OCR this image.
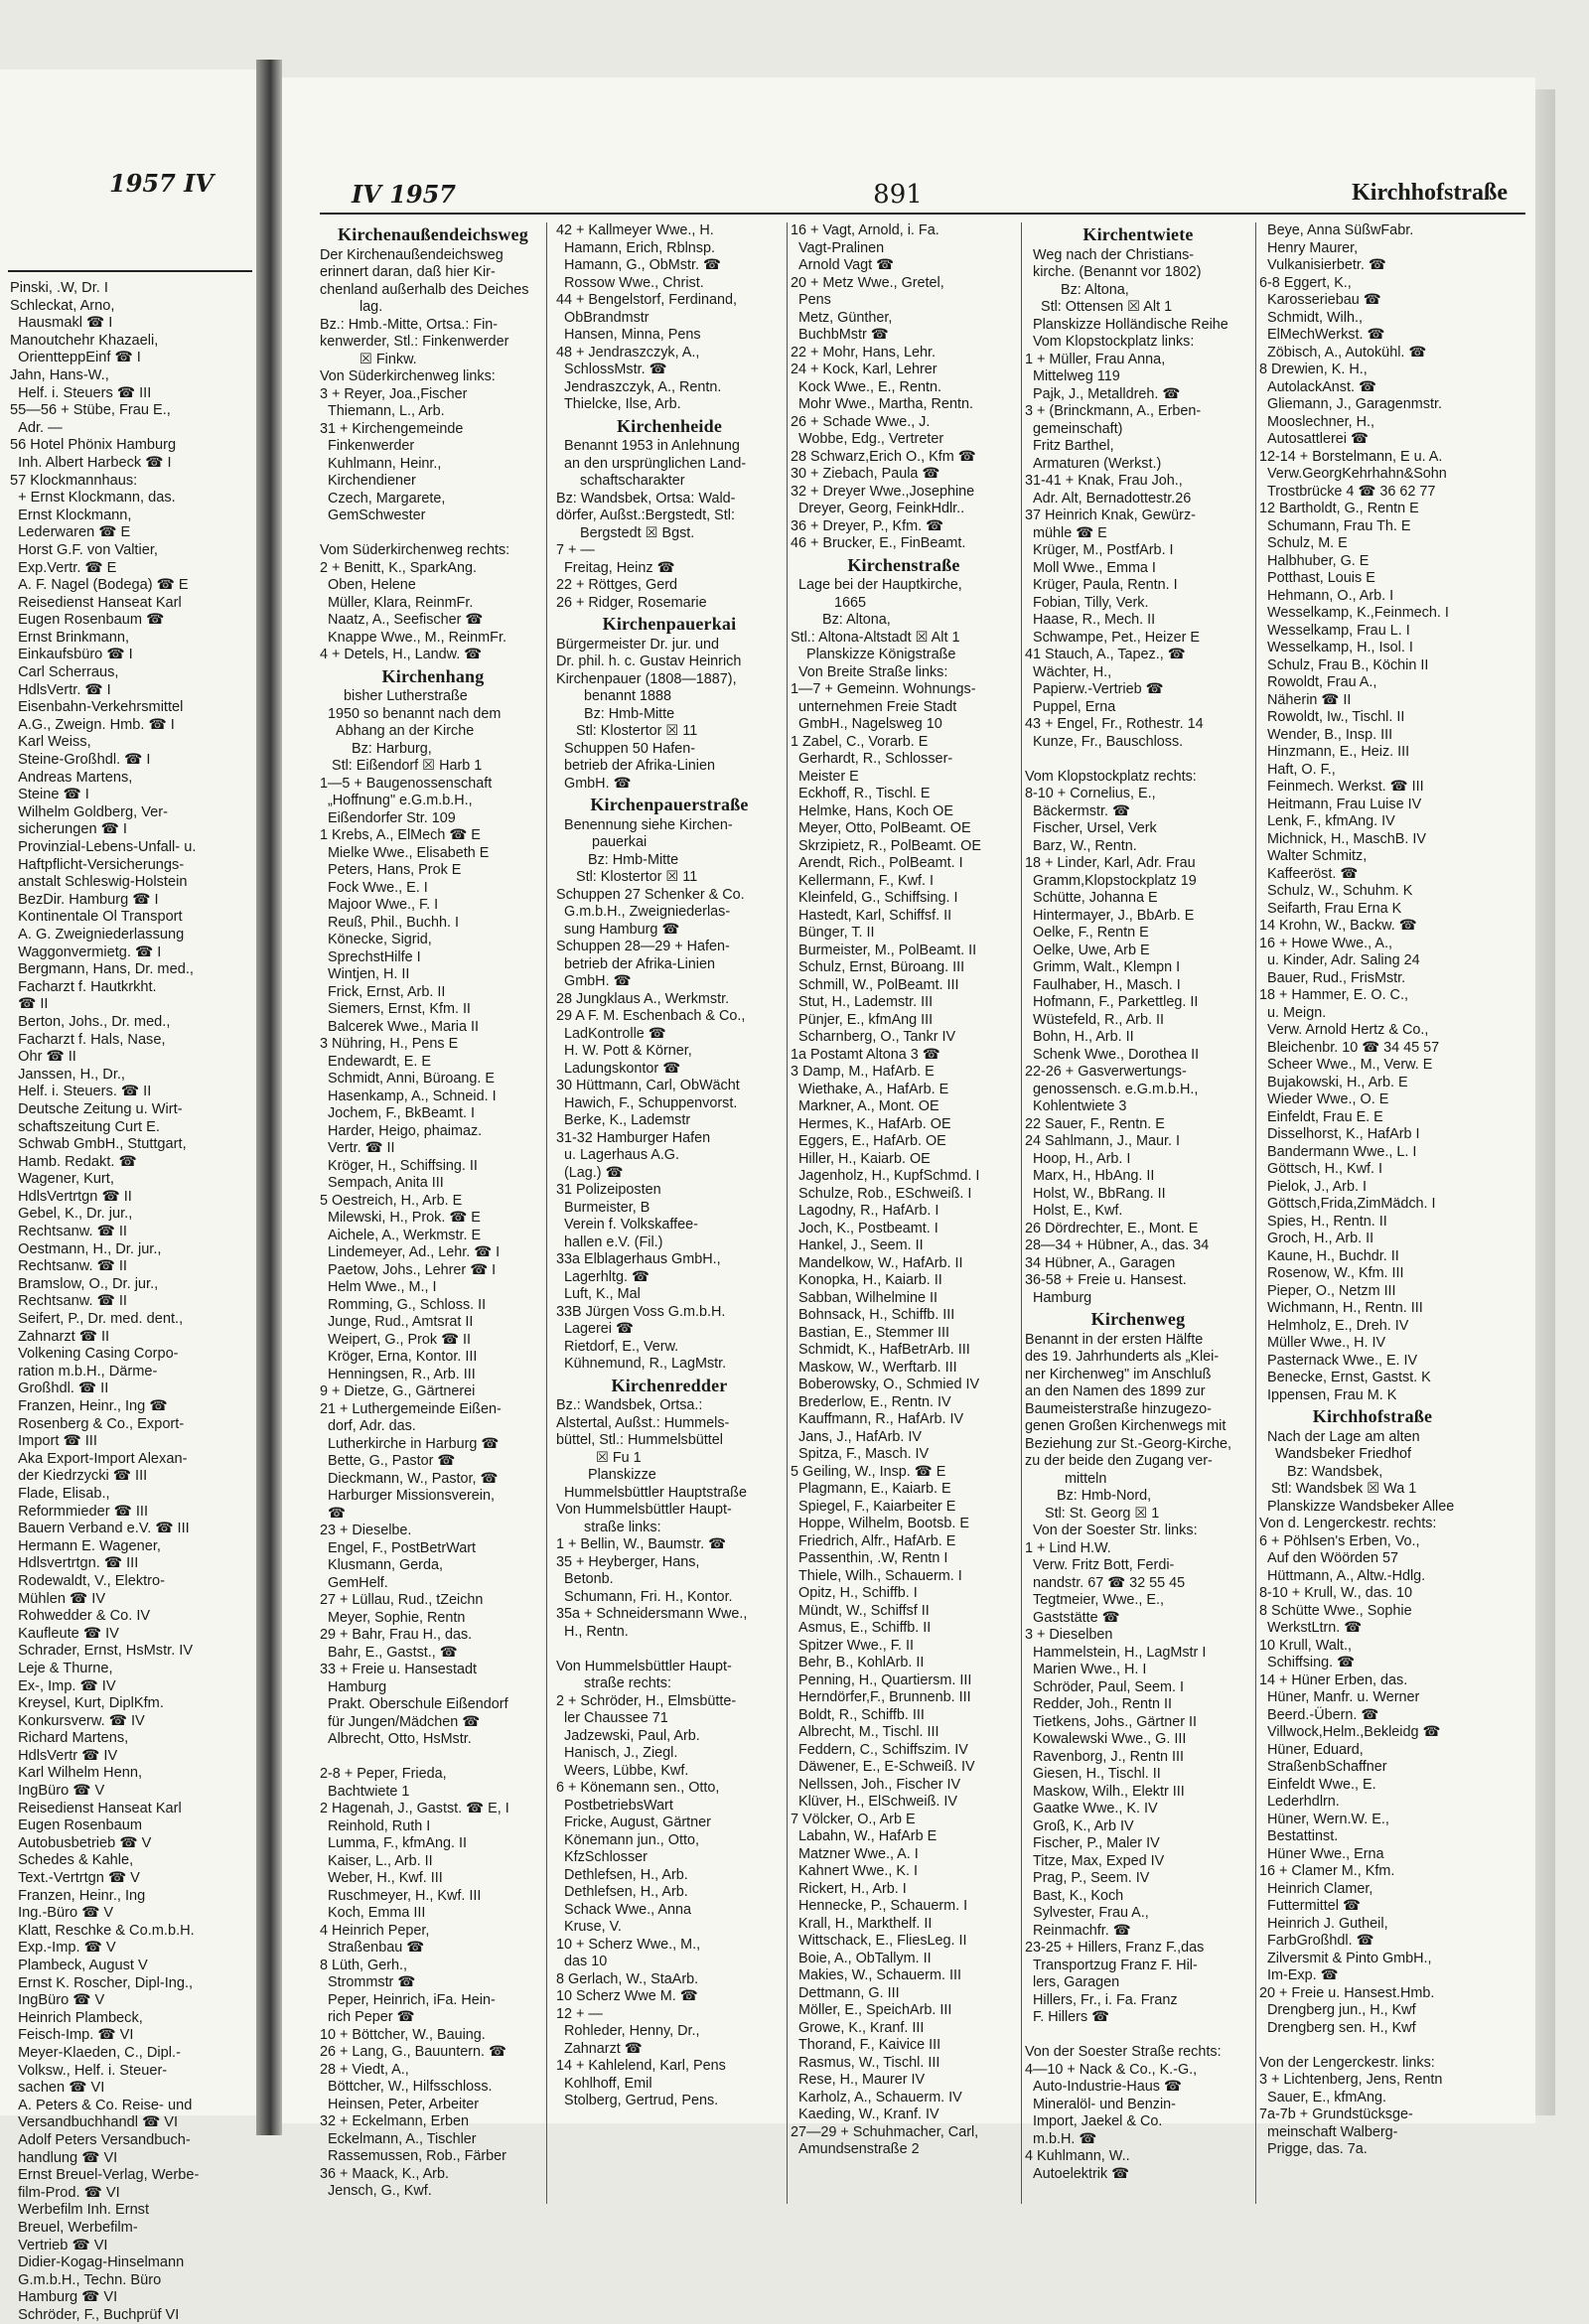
1957 IV
Pinski, .W, Dr. I
Schleckat, Arno,
Hausmakl ☎ I
Manoutchehr Khazaeli,
OrientteppEinf ☎ I
Jahn, Hans-W.,
Helf. i. Steuers ☎ III
55—56 + Stübe, Frau E.,
Adr. —
56 Hotel Phönix Hamburg
Inh. Albert Harbeck ☎ I
57 Klockmannhaus:
+ Ernst Klockmann, das.
Ernst Klockmann,
Lederwaren ☎ E
Horst G.F. von Valtier,
Exp.Vertr. ☎ E
A. F. Nagel (Bodega) ☎ E
Reisedienst Hanseat Karl
Eugen Rosenbaum ☎
Ernst Brinkmann,
Einkaufsbüro ☎ I
Carl Scherraus,
HdlsVertr. ☎ I
Eisenbahn-Verkehrsmittel
A.G., Zweign. Hmb. ☎ I
Karl Weiss,
Steine-Großhdl. ☎ I
Andreas Martens,
Steine ☎ I
Wilhelm Goldberg, Ver-
sicherungen ☎ I
Provinzial-Lebens-Unfall- u.
Haftpflicht-Versicherungs-
anstalt Schleswig-Holstein
BezDir. Hamburg ☎ I
Kontinentale Ol Transport
A. G. Zweigniederlassung
Waggonvermietg. ☎ I
Bergmann, Hans, Dr. med.,
Facharzt f. Hautkrkht.
☎ II
Berton, Johs., Dr. med.,
Facharzt f. Hals, Nase,
Ohr ☎ II
Janssen, H., Dr.,
Helf. i. Steuers. ☎ II
Deutsche Zeitung u. Wirt-
schaftszeitung Curt E.
Schwab GmbH., Stuttgart,
Hamb. Redakt. ☎
Wagener, Kurt,
HdlsVertrtgn ☎ II
Gebel, K., Dr. jur.,
Rechtsanw. ☎ II
Oestmann, H., Dr. jur.,
Rechtsanw. ☎ II
Bramslow, O., Dr. jur.,
Rechtsanw. ☎ II
Seifert, P., Dr. med. dent.,
Zahnarzt ☎ II
Volkening Casing Corpo-
ration m.b.H., Därme-
Großhdl. ☎ II
Franzen, Heinr., Ing ☎
Rosenberg & Co., Export-
Import ☎ III
Aka Export-Import Alexan-
der Kiedrzycki ☎ III
Flade, Elisab.,
Reformmieder ☎ III
Bauern Verband e.V. ☎ III
Hermann E. Wagener,
Hdlsvertrtgn. ☎ III
Rodewaldt, V., Elektro-
Mühlen ☎ IV
Rohwedder & Co. IV
Kaufleute ☎ IV
Schrader, Ernst, HsMstr. IV
Leje & Thurne,
Ex-, Imp. ☎ IV
Kreysel, Kurt, DiplKfm.
Konkursverw. ☎ IV
Richard Martens,
HdlsVertr ☎ IV
Karl Wilhelm Henn,
IngBüro ☎ V
Reisedienst Hanseat Karl
Eugen Rosenbaum
Autobusbetrieb ☎ V
Schedes & Kahle,
Text.-Vertrtgn ☎ V
Franzen, Heinr., Ing
Ing.-Büro ☎ V
Klatt, Reschke & Co.m.b.H.
Exp.-Imp. ☎ V
Plambeck, August V
Ernst K. Roscher, Dipl-Ing.,
IngBüro ☎ V
Heinrich Plambeck,
Feisch-Imp. ☎ VI
Meyer-Klaeden, C., Dipl.-
Volksw., Helf. i. Steuer-
sachen ☎ VI
A. Peters & Co. Reise- und
Versandbuchhandl ☎ VI
Adolf Peters Versandbuch-
handlung ☎ VI
Ernst Breuel-Verlag, Werbe-
film-Prod. ☎ VI
Werbefilm Inh. Ernst
Breuel, Werbefilm-
Vertrieb ☎ VI
Didier-Kogag-Hinselmann
G.m.b.H., Techn. Büro
Hamburg ☎ VI
Schröder, F., Buchprüf VI
IV 1957	891	Kirchhofstraße
Kirchenaußendeichsweg
Der Kirchenaußendeichsweg
erinnert daran, daß hier Kir-
chenland außerhalb des Deiches
lag.
Bz.: Hmb.-Mitte, Ortsa.: Fin-
kenwerder, Stl.: Finkenwerder
☒ Finkw.
Von Süderkirchenweg links:
3 + Reyer, Joa.,Fischer
Thiemann, L., Arb.
31 + Kirchengemeinde
Finkenwerder
Kuhlmann, Heinr.,
Kirchendiener
Czech, Margarete,
GemSchwester

Vom Süderkirchenweg rechts:
2 + Benitt, K., SparkAng.
Oben, Helene
Müller, Klara, ReinmFr.
Naatz, A., Seefischer ☎
Knappe Wwe., M., ReinmFr.
4 + Detels, H., Landw. ☎
Kirchenhang
bisher Lutherstraße
1950 so benannt nach dem
Abhang an der Kirche
Bz: Harburg,
Stl: Eißendorf ☒ Harb 1
1—5 + Baugenossenschaft
„Hoffnung" e.G.m.b.H.,
Eißendorfer Str. 109
1 Krebs, A., ElMech ☎ E
Mielke Wwe., Elisabeth E
Peters, Hans, Prok E
Fock Wwe., E. I
Majoor Wwe., F. I
Reuß, Phil., Buchh. I
Könecke, Sigrid,
SprechstHilfe I
Wintjen, H. II
Frick, Ernst, Arb. II
Siemers, Ernst, Kfm. II
Balcerek Wwe., Maria II
3 Nühring, H., Pens E
Endewardt, E. E
Schmidt, Anni, Büroang. E
Hasenkamp, A., Schneid. I
Jochem, F., BkBeamt. I
Harder, Heigo, phaimaz.
Vertr. ☎ II
Kröger, H., Schiffsing. II
Sempach, Anita III
5 Oestreich, H., Arb. E
Milewski, H., Prok. ☎ E
Aichele, A., Werkmstr. E
Lindemeyer, Ad., Lehr. ☎ I
Paetow, Johs., Lehrer ☎ I
Helm Wwe., M., I
Romming, G., Schloss. II
Junge, Rud., Amtsrat II
Weipert, G., Prok ☎ II
Kröger, Erna, Kontor. III
Henningsen, R., Arb. III
9 + Dietze, G., Gärtnerei
21 + Luthergemeinde Eißen-
dorf, Adr. das.
Lutherkirche in Harburg ☎
Bette, G., Pastor ☎
Dieckmann, W., Pastor, ☎
Harburger Missionsverein,
☎
23 + Dieselbe.
Engel, F., PostBetrWart
Klusmann, Gerda,
GemHelf.
27 + Lüllau, Rud., tZeichn
Meyer, Sophie, Rentn
29 + Bahr, Frau H., das.
Bahr, E., Gastst., ☎
33 + Freie u. Hansestadt
Hamburg
Prakt. Oberschule Eißendorf
für Jungen/Mädchen ☎
Albrecht, Otto, HsMstr.

2-8 + Peper, Frieda,
Bachtwiete 1
2 Hagenah, J., Gastst. ☎ E, I
Reinhold, Ruth I
Lumma, F., kfmAng. II
Kaiser, L., Arb. II
Weber, H., Kwf. III
Ruschmeyer, H., Kwf. III
Koch, Emma III
4 Heinrich Peper,
Straßenbau ☎
8 Lüth, Gerh.,
Strommstr ☎
Peper, Heinrich, iFa. Hein-
rich Peper ☎
10 + Böttcher, W., Bauing.
26 + Lang, G., Bauuntern. ☎
28 + Viedt, A.,
Böttcher, W., Hilfsschloss.
Heinsen, Peter, Arbeiter
32 + Eckelmann, Erben
Eckelmann, A., Tischler
Rassemussen, Rob., Färber
36 + Maack, K., Arb.
Jensch, G., Kwf.
42 + Kallmeyer Wwe., H.
Hamann, Erich, Rblnsp.
Hamann, G., ObMstr. ☎
Rossow Wwe., Christ.
44 + Bengelstorf, Ferdinand,
ObBrandmstr
Hansen, Minna, Pens
48 + Jendraszczyk, A.,
SchlossMstr. ☎
Jendraszczyk, A., Rentn.
Thielcke, Ilse, Arb.
Kirchenheide
Benannt 1953 in Anlehnung
an den ursprünglichen Land-
schaftscharakter
Bz: Wandsbek, Ortsa: Wald-
dörfer, Außst.:Bergstedt, Stl:
Bergstedt ☒ Bgst.
7 + —
Freitag, Heinz ☎
22 + Röttges, Gerd
26 + Ridger, Rosemarie
Kirchenpauerkai
Bürgermeister Dr. jur. und
Dr. phil. h. c. Gustav Heinrich
Kirchenpauer (1808—1887),
benannt 1888
Bz: Hmb-Mitte
Stl: Klostertor ☒ 11
Schuppen 50 Hafen-
betrieb der Afrika-Linien
GmbH. ☎
Kirchenpauerstraße
Benennung siehe Kirchen-
pauerkai
Bz: Hmb-Mitte
Stl: Klostertor ☒ 11
Schuppen 27 Schenker & Co.
G.m.b.H., Zweigniederlas-
sung Hamburg ☎
Schuppen 28—29 + Hafen-
betrieb der Afrika-Linien
GmbH. ☎
28 Jungklaus A., Werkmstr.
29 A F. M. Eschenbach & Co.,
LadKontrolle ☎
H. W. Pott & Körner,
Ladungskontor ☎
30 Hüttmann, Carl, ObWächt
Hawich, F., Schuppenvorst.
Berke, K., Lademstr
31-32 Hamburger Hafen
u. Lagerhaus A.G.
(Lag.) ☎
31 Polizeiposten
Burmeister, B
Verein f. Volkskaffee-
hallen e.V. (Fil.)
33a Elblagerhaus GmbH.,
Lagerhltg. ☎
Luft, K., Mal
33B Jürgen Voss G.m.b.H.
Lagerei ☎
Rietdorf, E., Verw.
Kühnemund, R., LagMstr.
Kirchenredder
Bz.: Wandsbek, Ortsa.:
Alstertal, Außst.: Hummels-
büttel, Stl.: Hummelsbüttel
☒ Fu 1
Planskizze
Hummelsbüttler Hauptstraße
Von Hummelsbüttler Haupt-
straße links:
1 + Bellin, W., Baumstr. ☎
35 + Heyberger, Hans,
Betonb.
Schumann, Fri. H., Kontor.
35a + Schneidersmann Wwe.,
H., Rentn.

Von Hummelsbüttler Haupt-
straße rechts:
2 + Schröder, H., Elmsbütte-
ler Chaussee 71
Jadzewski, Paul, Arb.
Hanisch, J., Ziegl.
Weers, Lübbe, Kwf.
6 + Könemann sen., Otto,
PostbetriebsWart
Fricke, August, Gärtner
Könemann jun., Otto,
KfzSchlosser
Dethlefsen, H., Arb.
Dethlefsen, H., Arb.
Schack Wwe., Anna
Kruse, V.
10 + Scherz Wwe., M.,
das 10
8 Gerlach, W., StaArb.
10 Scherz Wwe M. ☎
12 + —
Rohleder, Henny, Dr.,
Zahnarzt ☎
14 + Kahlelend, Karl, Pens
Kohlhoff, Emil
Stolberg, Gertrud, Pens.
16 + Vagt, Arnold, i. Fa.
Vagt-Pralinen
Arnold Vagt ☎
20 + Metz Wwe., Gretel,
Pens
Metz, Günther,
BuchbMstr ☎
22 + Mohr, Hans, Lehr.
24 + Kock, Karl, Lehrer
Kock Wwe., E., Rentn.
Mohr Wwe., Martha, Rentn.
26 + Schade Wwe., J.
Wobbe, Edg., Vertreter
28 Schwarz,Erich O., Kfm ☎
30 + Ziebach, Paula ☎
32 + Dreyer Wwe.,Josephine
Dreyer, Georg, FeinkHdlr..
36 + Dreyer, P., Kfm. ☎
46 + Brucker, E., FinBeamt.
Kirchenstraße
Lage bei der Hauptkirche,
1665
Bz: Altona,
Stl.: Altona-Altstadt ☒ Alt 1
Planskizze Königstraße
Von Breite Straße links:
1—7 + Gemeinn. Wohnungs-
unternehmen Freie Stadt
GmbH., Nagelsweg 10
1 Zabel, C., Vorarb. E
Gerhardt, R., Schlosser-
Meister E
Eckhoff, R., Tischl. E
Helmke, Hans, Koch OE
Meyer, Otto, PolBeamt. OE
Skrzipietz, R., PolBeamt. OE
Arendt, Rich., PolBeamt. I
Kellermann, F., Kwf. I
Kleinfeld, G., Schiffsing. I
Hastedt, Karl, Schiffsf. II
Bünger, T. II
Burmeister, M., PolBeamt. II
Schulz, Ernst, Büroang. III
Schmill, W., PolBeamt. III
Stut, H., Lademstr. III
Pünjer, E., kfmAng III
Scharnberg, O., Tankr IV
1a Postamt Altona 3 ☎
3 Damp, M., HafArb. E
Wiethake, A., HafArb. E
Markner, A., Mont. OE
Hermes, K., HafArb. OE
Eggers, E., HafArb. OE
Hiller, H., Kaiarb. OE
Jagenholz, H., KupfSchmd. I
Schulze, Rob., ESchweiß. I
Lagodny, R., HafArb. I
Joch, K., Postbeamt. I
Hankel, J., Seem. II
Mandelkow, W., HafArb. II
Konopka, H., Kaiarb. II
Sabban, Wilhelmine II
Bohnsack, H., Schiffb. III
Bastian, E., Stemmer III
Schmidt, K., HafBetrArb. III
Maskow, W., Werftarb. III
Boberowsky, O., Schmied IV
Brederlow, E., Rentn. IV
Kauffmann, R., HafArb. IV
Jans, J., HafArb. IV
Spitza, F., Masch. IV
5 Geiling, W., Insp. ☎ E
Plagmann, E., Kaiarb. E
Spiegel, F., Kaiarbeiter E
Hoppe, Wilhelm, Bootsb. E
Friedrich, Alfr., HafArb. E
Passenthin, .W, Rentn I
Thiele, Wilh., Schauerm. I
Opitz, H., Schiffb. I
Mündt, W., Schiffsf II
Asmus, E., Schiffb. II
Spitzer Wwe., F. II
Behr, B., KohlArb. II
Penning, H., Quartiersm. III
Herndörfer,F., Brunnenb. III
Boldt, R., Schiffb. III
Albrecht, M., Tischl. III
Feddern, C., Schiffszim. IV
Däwener, E., E-Schweiß. IV
Nellssen, Joh., Fischer IV
Klüver, H., ElSchweiß. IV
7 Völcker, O., Arb E
Labahn, W., HafArb E
Matzner Wwe., A. I
Kahnert Wwe., K. I
Rickert, H., Arb. I
Hennecke, P., Schauerm. I
Krall, H., Markthelf. II
Wittschack, E., FliesLeg. II
Boie, A., ObTallym. II
Makies, W., Schauerm. III
Dettmann, G. III
Möller, E., SpeichArb. III
Growe, K., Kranf. III
Thorand, F., Kaivice III
Rasmus, W., Tischl. III
Rese, H., Maurer IV
Karholz, A., Schauerm. IV
Kaeding, W., Kranf. IV
27—29 + Schuhmacher, Carl,
Amundsenstraße 2
Kirchentwiete
Weg nach der Christians-
kirche. (Benannt vor 1802)
Bz: Altona,
Stl: Ottensen ☒ Alt 1
Planskizze Holländische Reihe
Vom Klopstockplatz links:
1 + Müller, Frau Anna,
Mittelweg 119
Pajk, J., Metalldreh. ☎
3 + (Brinckmann, A., Erben-
gemeinschaft)
Fritz Barthel,
Armaturen (Werkst.)
31-41 + Knak, Frau Joh.,
Adr. Alt, Bernadottestr.26
37 Heinrich Knak, Gewürz-
mühle ☎ E
Krüger, M., PostfArb. I
Moll Wwe., Emma I
Krüger, Paula, Rentn. I
Fobian, Tilly, Verk.
Haase, R., Mech. II
Schwampe, Pet., Heizer E
41 Stauch, A., Tapez., ☎
Wächter, H.,
Papierw.-Vertrieb ☎
Puppel, Erna
43 + Engel, Fr., Rothestr. 14
Kunze, Fr., Bauschloss.

Vom Klopstockplatz rechts:
8-10 + Cornelius, E.,
Bäckermstr. ☎
Fischer, Ursel, Verk
Barz, W., Rentn.
18 + Linder, Karl, Adr. Frau
Gramm,Klopstockplatz 19
Schütte, Johanna E
Hintermayer, J., BbArb. E
Oelke, F., Rentn E
Oelke, Uwe, Arb E
Grimm, Walt., Klempn I
Faulhaber, H., Masch. I
Hofmann, F., Parkettleg. II
Wüstefeld, R., Arb. II
Bohn, H., Arb. II
Schenk Wwe., Dorothea II
22-26 + Gasverwertungs-
genossensch. e.G.m.b.H.,
Kohlentwiete 3
22 Sauer, F., Rentn. E
24 Sahlmann, J., Maur. I
Hoop, H., Arb. I
Marx, H., HbAng. II
Holst, W., BbRang. II
Holst, E., Kwf.
26 Dördrechter, E., Mont. E
28—34 + Hübner, A., das. 34
34 Hübner, A., Garagen
36-58 + Freie u. Hansest.
Hamburg
Kirchenweg
Benannt in der ersten Hälfte
des 19. Jahrhunderts als „Klei-
ner Kirchenweg" im Anschluß
an den Namen des 1899 zur
Baumeisterstraße hinzugezo-
genen Großen Kirchenwegs mit
Beziehung zur St.-Georg-Kirche,
zu der beide den Zugang ver-
mitteln
Bz: Hmb-Nord,
Stl: St. Georg ☒ 1
Von der Soester Str. links:
1 + Lind H.W.
Verw. Fritz Bott, Ferdi-
nandstr. 67 ☎ 32 55 45
Tegtmeier, Wwe., E.,
Gaststätte ☎
3 + Dieselben
Hammelstein, H., LagMstr I
Marien Wwe., H. I
Schröder, Paul, Seem. I
Redder, Joh., Rentn II
Tietkens, Johs., Gärtner II
Kowalewski Wwe., G. III
Ravenborg, J., Rentn III
Giesen, H., Tischl. II
Maskow, Wilh., Elektr III
Gaatke Wwe., K. IV
Groß, K., Arb IV
Fischer, P., Maler IV
Titze, Max, Exped IV
Prag, P., Seem. IV
Bast, K., Koch
Sylvester, Frau A.,
Reinmachfr. ☎
23-25 + Hillers, Franz F.,das
Transportzug Franz F. Hil-
lers, Garagen
Hillers, Fr., i. Fa. Franz
F. Hillers ☎

Von der Soester Straße rechts:
4—10 + Nack & Co., K.-G.,
Auto-Industrie-Haus ☎
Mineralöl- und Benzin-
Import, Jaekel & Co.
m.b.H. ☎
4 Kuhlmann, W..
Autoelektrik ☎
Beye, Anna SüßwFabr.
Henry Maurer,
Vulkanisierbetr. ☎
6-8 Eggert, K.,
Karosseriebau ☎
Schmidt, Wilh.,
ElMechWerkst. ☎
Zöbisch, A., Autokühl. ☎
8 Drewien, K. H.,
AutolackAnst. ☎
Gliemann, J., Garagenmstr.
Mooslechner, H.,
Autosattlerei ☎
12-14 + Borstelmann, E u. A.
Verw.GeorgKehrhahn&Sohn
Trostbrücke 4 ☎ 36 62 77
12 Bartholdt, G., Rentn E
Schumann, Frau Th. E
Schulz, M. E
Halbhuber, G. E
Potthast, Louis E
Hehmann, O., Arb. I
Wesselkamp, K.,Feinmech. I
Wesselkamp, Frau L. I
Wesselkamp, H., Isol. I
Schulz, Frau B., Köchin II
Rowoldt, Frau A.,
Näherin ☎ II
Rowoldt, Iw., Tischl. II
Wender, B., Insp. III
Hinzmann, E., Heiz. III
Haft, O. F.,
Feinmech. Werkst. ☎ III
Heitmann, Frau Luise IV
Lenk, F., kfmAng. IV
Michnick, H., MaschB. IV
Walter Schmitz,
Kaffeeröst. ☎
Schulz, W., Schuhm. K
Seifarth, Frau Erna K
14 Krohn, W., Backw. ☎
16 + Howe Wwe., A.,
u. Kinder, Adr. Saling 24
Bauer, Rud., FrisMstr.
18 + Hammer, E. O. C.,
u. Meign.
Verw. Arnold Hertz & Co.,
Bleichenbr. 10 ☎ 34 45 57
Scheer Wwe., M., Verw. E
Bujakowski, H., Arb. E
Wieder Wwe., O. E
Einfeldt, Frau E. E
Disselhorst, K., HafArb I
Bandermann Wwe., L. I
Göttsch, H., Kwf. I
Pielok, J., Arb. I
Göttsch,Frida,ZimMädch. I
Spies, H., Rentn. II
Groch, H., Arb. II
Kaune, H., Buchdr. II
Rosenow, W., Kfm. III
Pieper, O., Netzm III
Wichmann, H., Rentn. III
Helmholz, E., Dreh. IV
Müller Wwe., H. IV
Pasternack Wwe., E. IV
Benecke, Ernst, Gastst. K
Ippensen, Frau M. K
Kirchhofstraße
Nach der Lage am alten
Wandsbeker Friedhof
Bz: Wandsbek,
Stl: Wandsbek ☒ Wa 1
Planskizze Wandsbeker Allee
Von d. Lengerckestr. rechts:
6 + Pöhlsen's Erben, Vo.,
Auf den Wöörden 57
Hüttmann, A., Altw.-Hdlg.
8-10 + Krull, W., das. 10
8 Schütte Wwe., Sophie
WerkstLtrn. ☎
10 Krull, Walt.,
Schiffsing. ☎
14 + Hüner Erben, das.
Hüner, Manfr. u. Werner
Beerd.-Übern. ☎
Villwock,Helm.,Bekleidg ☎
Hüner, Eduard,
StraßenbSchaffner
Einfeldt Wwe., E.
Lederhdlrn.
Hüner, Wern.W. E.,
Bestattinst.
Hüner Wwe., Erna
16 + Clamer M., Kfm.
Heinrich Clamer,
Futtermittel ☎
Heinrich J. Gutheil,
FarbGroßhdl. ☎
Zilversmit & Pinto GmbH.,
Im-Exp. ☎
20 + Freie u. Hansest.Hmb.
Drengberg jun., H., Kwf
Drengberg sen. H., Kwf

Von der Lengerckestr. links:
3 + Lichtenberg, Jens, Rentn
Sauer, E., kfmAng.
7a-7b + Grundstücksge-
meinschaft Walberg-
Prigge, das. 7a.
